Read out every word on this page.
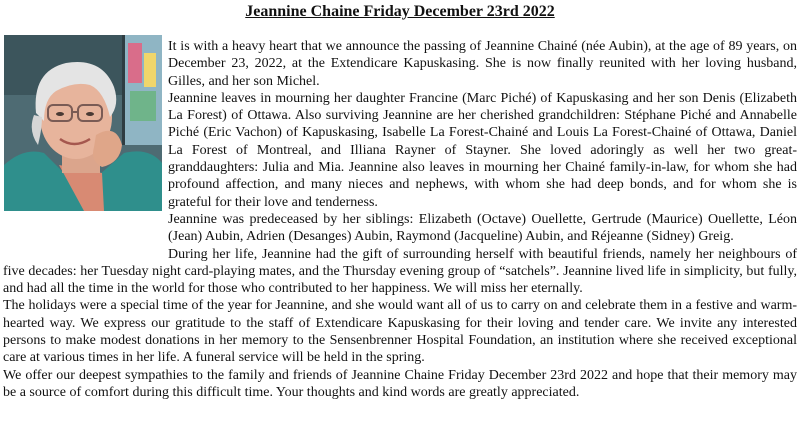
Jeannine Chaine Friday December 23rd 2022

It is with a heavy heart that we announce the passing of Jeannine Chainé (née Aubin), at the age of 89 years, on December 23, 2022, at the Extendicare Kapuskasing. She is now finally reunited with her loving husband, Gilles, and her son Michel.

Jeannine leaves in mourning her daughter Francine (Marc Piché) of Kapuskasing and her son Denis (Elizabeth La Forest) of Ottawa. Also surviving Jeannine are her cherished grandchildren: Stéphane Piché and Annabelle Piché (Eric Vachon) of Kapuskasing, Isabelle La Forest-Chainé and Louis La Forest-Chainé of Ottawa, Daniel La Forest of Montreal, and Illiana Rayner of Stayner. She loved adoringly as well her two great-granddaughters: Julia and Mia. Jeannine also leaves in mourning her Chainé family-in-law, for whom she had profound affection, and many nieces and nephews, with whom she had deep bonds, and for whom she is grateful for their love and tenderness.

Jeannine was predeceased by her siblings: Elizabeth (Octave) Ouellette, Gertrude (Maurice) Ouellette, Léon (Jean) Aubin, Adrien (Desanges) Aubin, Raymond (Jacqueline) Aubin, and Réjeanne (Sidney) Greig.

During her life, Jeannine had the gift of surrounding herself with beautiful friends, namely her neighbours of five decades: her Tuesday night card-playing mates, and the Thursday evening group of “satchels”. Jeannine lived life in simplicity, but fully, and had all the time in the world for those who contributed to her happiness. We will miss her eternally.

The holidays were a special time of the year for Jeannine, and she would want all of us to carry on and celebrate them in a festive and warm-hearted way. We express our gratitude to the staff of Extendicare Kapuskasing for their loving and tender care. We invite any interested persons to make modest donations in her memory to the Sensenbrenner Hospital Foundation, an institution where she received exceptional care at various times in her life. A funeral service will be held in the spring.

We offer our deepest sympathies to the family and friends of Jeannine Chaine Friday December 23rd 2022 and hope that their memory may be a source of comfort during this difficult time. Your thoughts and kind words are greatly appreciated.
